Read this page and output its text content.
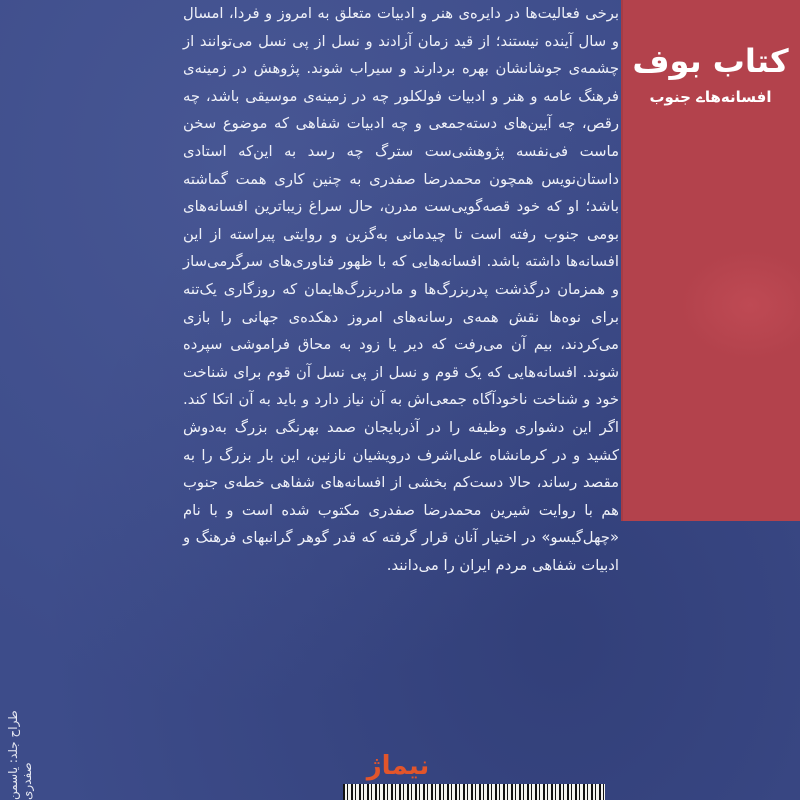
برخی فعالیت‌ها در دایره‌ی هنر و ادبیات متعلق به امروز و فردا، امسال و سال آینده نیستند؛ از قید زمان آزادند و نسل از پی نسل می‌توانند از چشمه‌ی جوشانشان بهره بردارند و سیراب شوند. پژوهش در زمینه‌ی فرهنگ عامه و هنر و ادبیات فولکلور چه در زمینه‌ی موسیقی باشد، چه رقص، چه آیین‌های دسته‌جمعی و چه ادبیات شفاهی که موضوع سخن ماست فی‌نفسه پژوهشی‌ست سترگ چه رسد به این‌که استادی داستان‌نویس همچون محمدرضا صفدری به چنین کاری همت گماشته باشد؛ او که خود قصه‌گویی‌ست مدرن، حال سراغ زیباترین افسانه‌های بومی جنوب رفته است تا چیدمانی به‌گزین و روایتی پیراسته از این افسانه‌ها داشته باشد. افسانه‌هایی که با ظهور فناوری‌های سرگرمی‌ساز و همزمان درگذشت پدربزرگ‌ها و مادربزرگ‌هایمان که روزگاری یک‌تنه برای نوه‌ها نقش همه‌ی رسانه‌های امروز دهکده‌ی جهانی را بازی می‌کردند، بیم آن می‌رفت که دیر یا زود به محاق فراموشی سپرده شوند. افسانه‌هایی که یک قوم و نسل از پی نسل آن قوم برای شناخت خود و شناخت ناخودآگاه جمعی‌اش به آن نیاز دارد و باید به آن اتکا کند. اگر این دشواری وظیفه را در آذربایجان صمد بهرنگی بزرگ به‌دوش کشید و در کرمانشاه علی‌اشرف درویشیان نازنین، این بار بزرگ را به مقصد رساند، حالا دست‌کم بخشی از افسانه‌های شفاهی خطه‌ی جنوب هم با روایت شیرین محمدرضا صفدری مکتوب شده است و با نام «چهل‌گیسو» در اختیار آنان قرار گرفته که قدر گوهر گرانبهای فرهنگ و ادبیات شفاهی مردم ایران را می‌دانند.

کتاب بوف
افسانه‌هاے جنوب
نیماژ
طراح جلد: یاسمن صفدری
